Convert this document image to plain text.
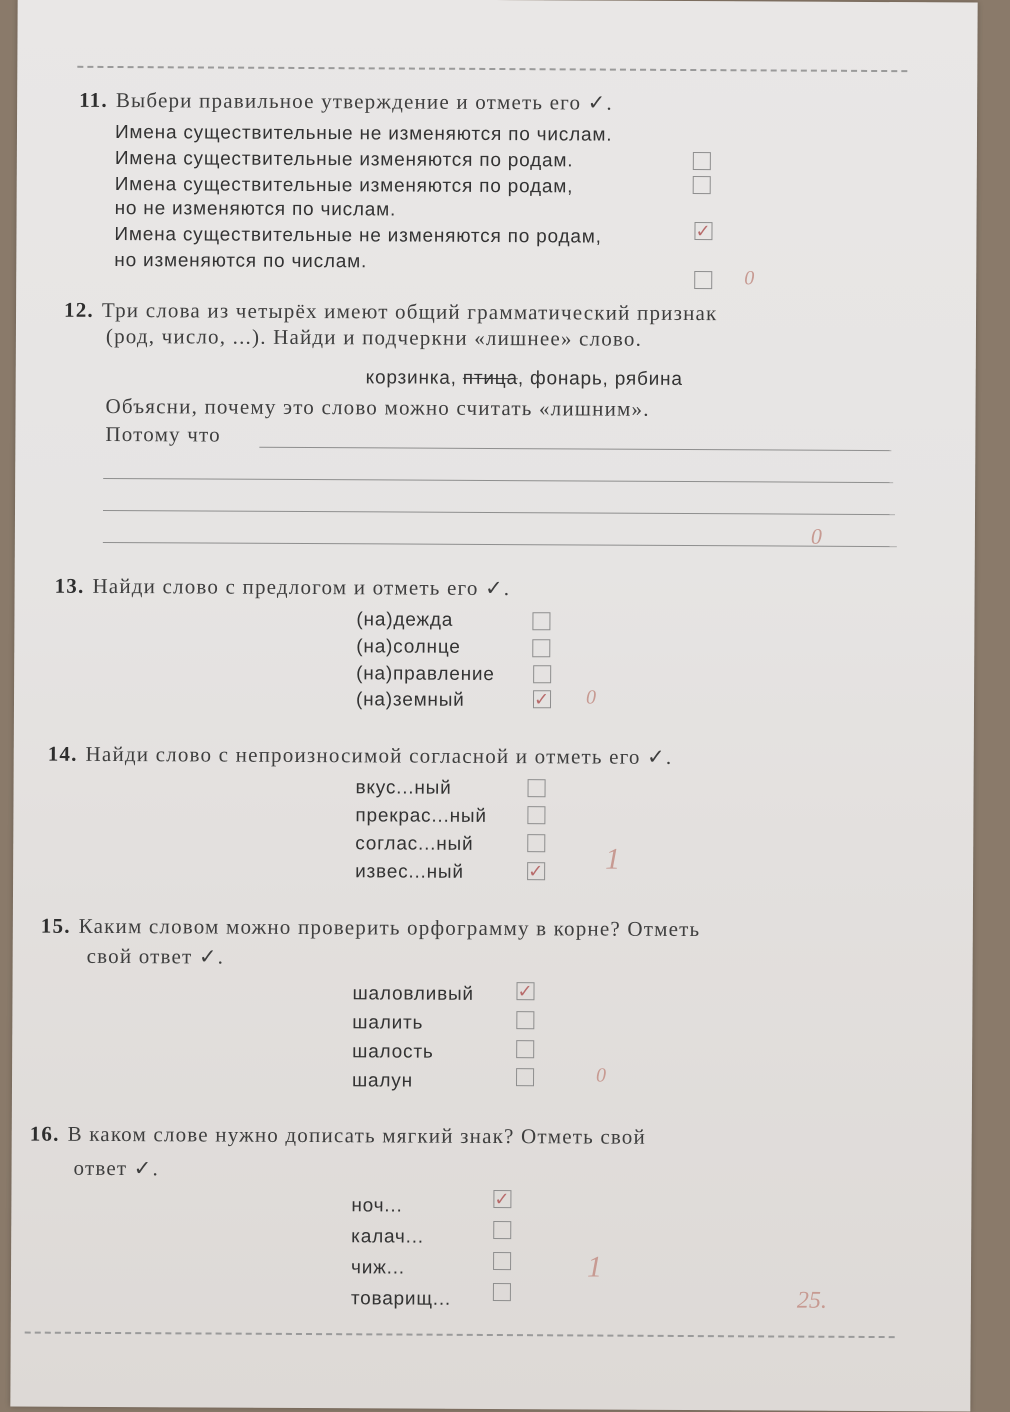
11. Выбери правильное утверждение и отметь его ✓.
Имена существительные не изменяются по числам.
Имена существительные изменяются по родам.
Имена существительные изменяются по родам,
но не изменяются по числам.
✓
Имена существительные не изменяются по родам,
но изменяются по числам.
0
12. Три слова из четырёх имеют общий грамматический признак
(род, число, ...). Найди и подчеркни «лишнее» слово.
корзинка, птица, фонарь, рябина
Объясни, почему это слово можно считать «лишним».
Потому что
0
13. Найди слово с предлогом и отметь его ✓.
(на)дежда
(на)солнце
(на)правление
(на)земный	✓ 0
14. Найди слово с непроизносимой согласной и отметь его ✓.
вкус...ный
прекрас...ный
соглас...ный
извес...ный	✓ 1
15. Каким словом можно проверить орфограмму в корне? Отметь
свой ответ ✓.
шаловливый ✓
шалить
шалость
шалун	0
16. В каком слове нужно дописать мягкий знак? Отметь свой
ответ ✓.
ноч...	✓
калач...
чиж...
товарищ...
1
25.
